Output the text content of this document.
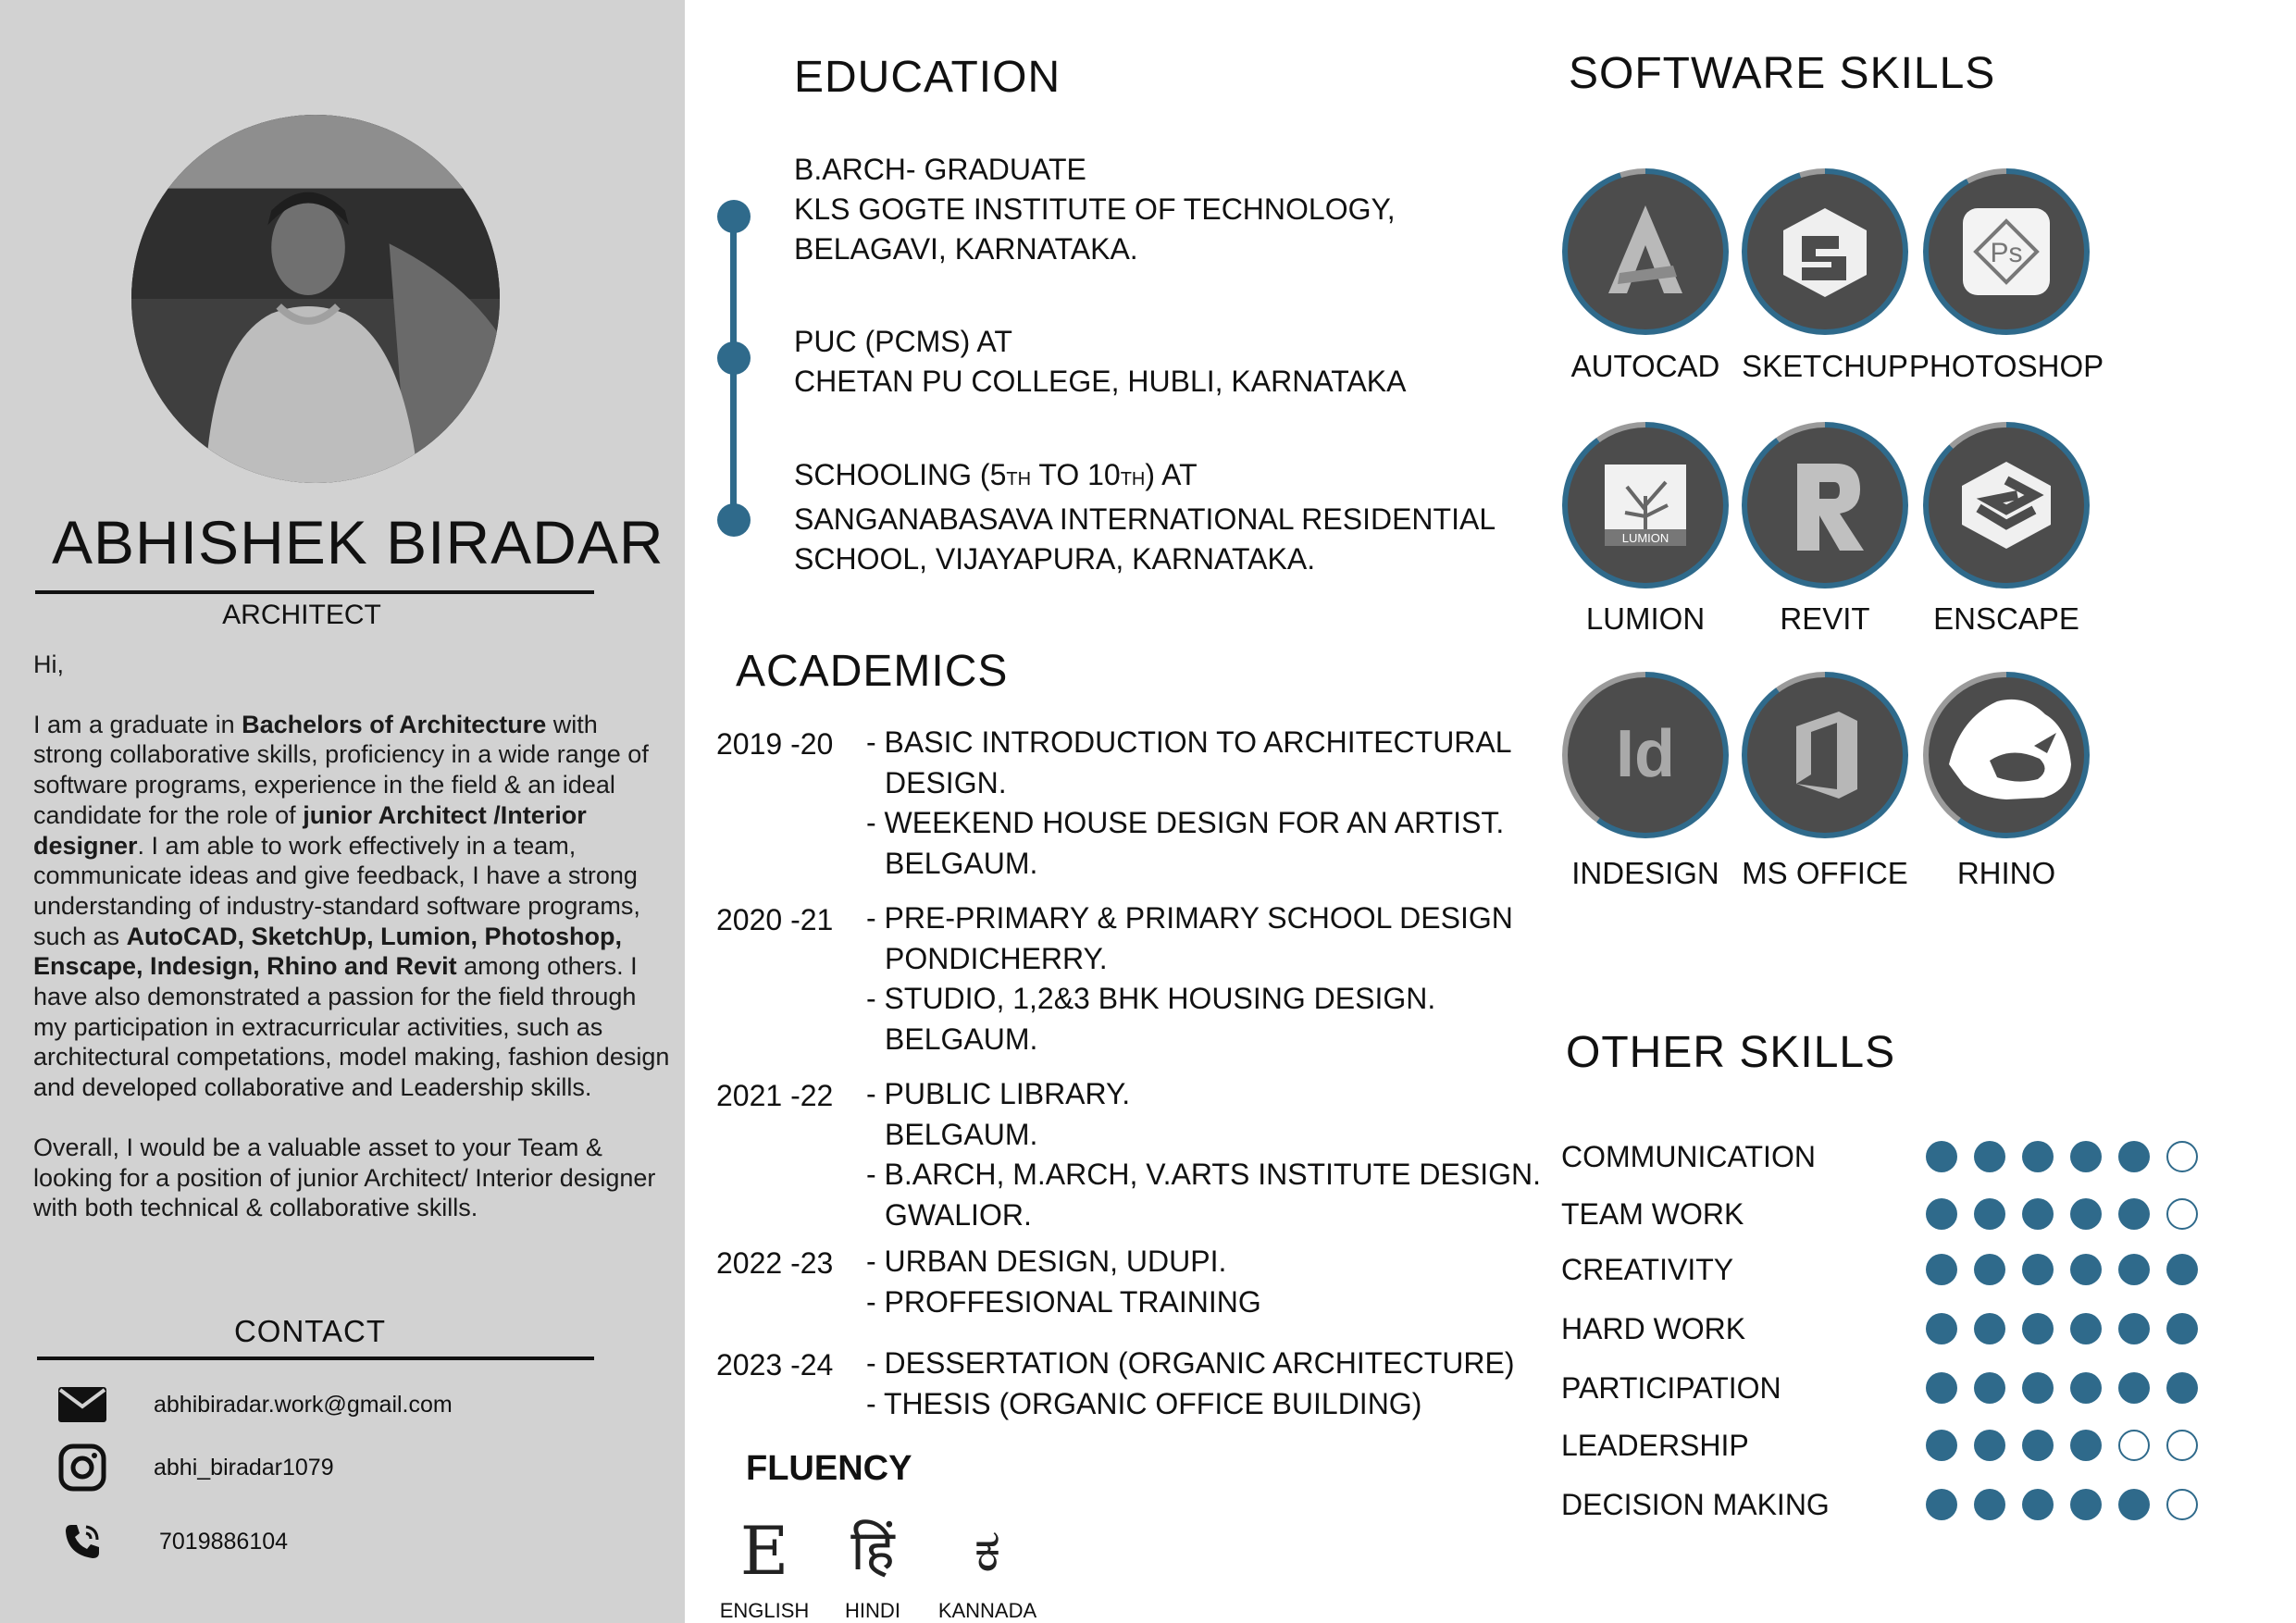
ABHISHEK BIRADAR
ARCHITECT

Hi,

I am a graduate in Bachelors of Architecture with strong collaborative skills, proficiency in a wide range of software programs, experience in the field & an ideal candidate for the role of junior Architect /Interior designer. I am able to work effectively in a team, communicate ideas and give feedback, I have a strong understanding of industry-standard software programs, such as AutoCAD, SketchUp, Lumion, Photoshop, Enscape, Indesign, Rhino and Revit among others. I have also demonstrated a passion for the field through my participation in extracurricular activities, such as architectural competations, model making, fashion design and developed collaborative and Leadership skills.

Overall, I would be a valuable asset to your Team & looking for a position of junior Architect/ Interior designer with both technical & collaborative skills.

CONTACT
abhibiradar.work@gmail.com
abhi_biradar1079
7019886104
EDUCATION
B.ARCH- GRADUATE
KLS GOGTE INSTITUTE OF TECHNOLOGY,
BELAGAVI, KARNATAKA.
PUC (PCMS) AT
CHETAN PU COLLEGE, HUBLI, KARNATAKA
SCHOOLING (5TH TO 10TH) AT
SANGANABASAVA INTERNATIONAL RESIDENTIAL
SCHOOL, VIJAYAPURA, KARNATAKA.
ACADEMICS
2019 -20 - BASIC INTRODUCTION TO ARCHITECTURAL
DESIGN.
- WEEKEND HOUSE DESIGN FOR AN ARTIST.
BELGAUM.
2020 -21 - PRE-PRIMARY & PRIMARY SCHOOL DESIGN
PONDICHERRY.
- STUDIO, 1,2&3 BHK HOUSING DESIGN.
BELGAUM.
2021 -22 - PUBLIC LIBRARY.
BELGAUM.
- B.ARCH, M.ARCH, V.ARTS INSTITUTE DESIGN.
GWALIOR.
2022 -23 - URBAN DESIGN, UDUPI.
- PROFFESIONAL TRAINING
2023 -24 - DESSERTATION (ORGANIC ARCHITECTURE)
- THESIS (ORGANIC OFFICE BUILDING)
FLUENCY
E
ENGLISH
हिं
HINDI
ಕ
KANNADA
SOFTWARE SKILLS
AUTOCAD SKETCHUP
Ps
PHOTOSHOP
LUMION
LUMION	REVIT	ENSCAPE
Id
INDESIGN MS OFFICE	RHINO
OTHER SKILLS
COMMUNICATION
TEAM WORK
CREATIVITY
HARD WORK
PARTICIPATION
LEADERSHIP
DECISION MAKING
